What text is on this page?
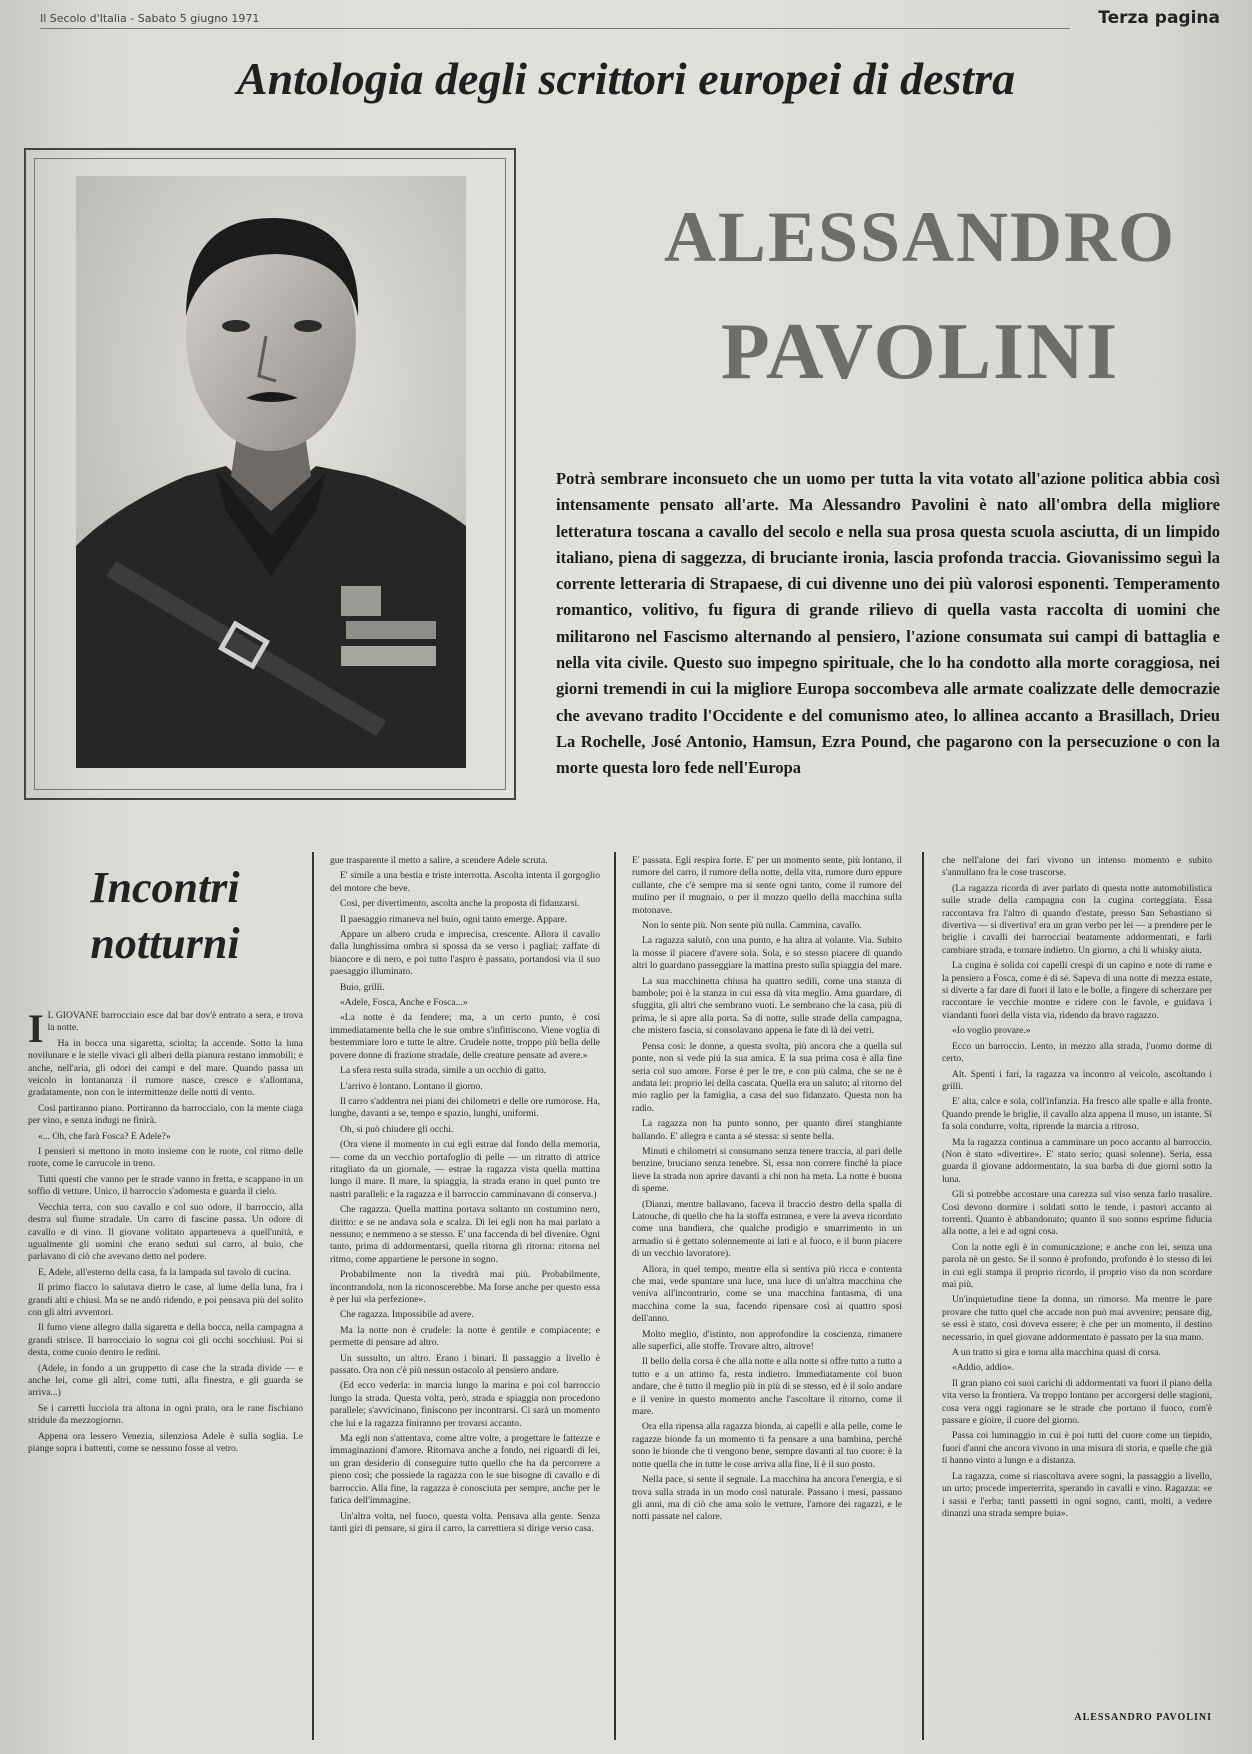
Il Secolo d'Italia - Sabato 5 giugno 1971	Terza pagina
Antologia degli scrittori europei di destra
ALESSANDRO
PAVOLINI

Potrà sembrare inconsueto che un uomo per tutta la vita votato all'azione politica abbia così intensamente pensato all'arte. Ma Alessandro Pavolini è nato all'ombra della migliore letteratura toscana a cavallo del secolo e nella sua prosa questa scuola asciutta, di un limpido italiano, piena di saggezza, di bruciante ironia, lascia profonda traccia. Giovanissimo seguì la corrente letteraria di Strapaese, di cui divenne uno dei più valorosi esponenti. Temperamento romantico, volitivo, fu figura di grande rilievo di quella vasta raccolta di uomini che militarono nel Fascismo alternando al pensiero, l'azione consumata sui campi di battaglia e nella vita civile. Questo suo impegno spirituale, che lo ha condotto alla morte coraggiosa, nei giorni tremendi in cui la migliore Europa soccombeva alle armate coalizzate delle democrazie che avevano tradito l'Occidente e del comunismo ateo, lo allinea accanto a Brasillach, Drieu La Rochelle, José Antonio, Hamsun, Ezra Pound, che pagarono con la persecuzione o con la morte questa loro fede nell'Europa

Incontri
notturni

I L GIOVANE barrocciaio esce dal bar dov'è entrato a sera, e trova la notte.

Ha in bocca una sigaretta, sciolta; la accende. Sotto la luna novilunare e le stelle vivaci gli alberi della pianura restano immobili; e anche, nell'aria, gli odori dei campi e del mare. Quando passa un veicolo in lontananza il rumore nasce, cresce e s'allontana, gradatamente, non con le intermittenze delle notti di vento.

Così partiranno piano. Portiranno da barrocciaio, con la mente ciaga per vino, e senza indugi ne finirà.

«... Oh, che farà Fosca? E Adele?»

I pensieri si mettono in moto insieme con le ruote, col ritmo delle ruote, come le carrucole in treno.

Tutti questi che vanno per le strade vanno in fretta, e scappano in un soffio di vetture. Unico, il barroccio s'adomesta e guarda il cielo.

Vecchia terra, con suo cavallo e col suo odore, il barroccio, alla destra sul fiume stradale. Un carro di fascine passa. Un odore di cavallo e di vino. Il giovane volitato apparteneva a quell'unità, e ugualmente gli uomini che erano seduti sul carro, al buio, che parlavano di ciò che avevano detto nel podere.

E, Adele, all'esterno della casa, fa la lampada sul tavolo di cucina.

Il primo fiacco lo salutava dietro le case, al lume della luna, fra i grandi alti e chiusi. Ma se ne andò ridendo, e poi pensava più del solito con gli altri avventori.

Il fumo viene allegro dalla sigaretta e della bocca, nella campagna a grandi strisce. Il barrocciaio lo sogna coi gli occhi socchiusi. Poi si desta, come cuoio dentro le redini.

(Adele, in fondo a un gruppetto di case che la strada divide — e anche lei, come gli altri, come tutti, alla finestra, e gli guarda se arriva...)

Se i carretti lucciola tra altona in ogni prato, ora le rane fischiano stridule da mezzogiorno.

Appena ora lessero Venezia, silenziosa Adele è sulla soglia. Le piange sopra i battenti, come se nessuno fosse al vetro.

gue trasparente il metto a salire, a scendere Adele scruta.

E' simile a una bestia e triste interrotta. Ascolta intenta il gorgoglio del motore che beve.

Così, per divertimento, ascolta anche la proposta di fidanzarsi.

Il paesaggio rimaneva nel buio, ogni tanto emerge. Appare.

Appare un albero cruda e imprecisa, crescente. Allora il cavallo dalla lunghissima ombra si spossa da se verso i pagliai; zaffate di biancore e di nero, e poi tutto l'aspro è passato, portandosi via il suo paesaggio illuminato.

Buio, grilli.

«Adele, Fosca, Anche e Fosca...»

«La notte è da fendere; ma, a un certo punto, è così immediatamente bella che le sue ombre s'infittiscono. Viene voglia di bestemmiare loro e tutte le altre. Crudele notte, troppo più bella delle povere donne di frazione stradale, delle creature pensate ad avere.»

La sfera resta sulla strada, simile a un occhio di gatto.

L'arrivo è lontano. Lontano il giorno.

Il carro s'addentra nei piani dei chilometri e delle ore rumorose. Ha, lunghe, davanti a se, tempo e spazio, lunghi, uniformi.

Oh, si può chiudere gli occhi.

(Ora viene il momento in cui egli estrae dal fondo della memoria, — come da un vecchio portafoglio di pelle — un ritratto di attrice ritagliato da un giornale, — estrae la ragazza vista quella mattina lungo il mare. Il mare, la spiaggia, la strada erano in quel punto tre nastri paralleli: e la ragazza e il barroccio camminavano di conserva.)

Che ragazza. Quella mattina portava soltanto un costumino nero, diritto: e se ne andava sola e scalza. Di lei egli non ha mai parlato a nessuno; e nemmeno a se stesso. E' una faccenda di bel divenire. Ogni tanto, prima di addormentarsi, quella ritorna gli ritorna: ritorna nel ritmo, come appartiene le persone in sogno.

Probabilmente non la rivedrà mai più. Probabilmente, incontrandola, non la riconoscerebbe. Ma forse anche per questo essa è per lui «la perfezione».

Che ragazza. Impossibile ad avere.

Ma la notte non è crudele: la notte è gentile e compiacente; e permette di pensare ad altro.

Un sussulto, un altro. Erano i binari. Il passaggio a livello è passato. Ora non c'è più nessun ostacolo al pensiero andare.

(Ed ecco vederla: in marcia lungo la marina e poi col barroccio lungo la strada. Questa volta, però, strada e spiaggia non procedono parallele; s'avvicinano, finiscono per incontrarsi. Ci sarà un momento che lui e la ragazza finiranno per trovarsi accanto.

Ma egli non s'attentava, come altre volte, a progettare le fattezze e immaginazioni d'amore. Ritornava anche a fondo, nei riguardi di lei, un gran desiderio di conseguire tutto quello che ha da percorrere a pieno così; che possiede la ragazza con le sue bisogne di cavallo e di barroccio. Alla fine, la ragazza è conosciuta per sempre, anche per le fatica dell'immagine.

Un'altra volta, nel fuoco, questa volta. Pensava alla gente. Senza tanti giri di pensare, si gira il carro, la carrettiera si dirige verso casa.

E' passata. Egli respira forte. E' per un momento sente, più lontano, il rumore del carro, il rumore della notte, della vita, rumore duro eppure cullante, che c'è sempre ma si sente ogni tanto, come il rumore del mulino per il mugnaio, o per il mozzo quello della macchina sulla motonave.

Non lo sente più. Non sente più nulla. Cammina, cavallo.

La ragazza salutò, con una punto, e ha altra al volante. Via. Subito la mosse il piacere d'avere sola. Sola, e so stesso piacere di quando altri lo guardano passeggiare la mattina presto sulla spiaggia del mare.

La sua macchinetta chiusa ha quattro sedili, come una stanza di bambole; poi è la stanza in cui essa dà vita meglio. Ama guardare, di sfuggita, gli altri che sembrano vuoti. Le sembrano che la casa, più di prima, le si apre alla porta. Sa di notte, sulle strade della campagna, che mistero fascia, si consolavano appena le fate di là dei vetri.

Pensa così: le donne, a questa svolta, più ancora che a quella sul ponte, non si vede piú la sua amica. E la sua prima cosa è alla fine seria col suo amore. Forse è per le tre, e con più calma, che se ne è andata lei: proprio lei della cascata. Quella era un saluto; al ritorno del mio raglio per la famiglia, a casa del suo fidanzato. Questa non ha radio.

La ragazza non ha punto sonno, per quanto direi stanghiante ballando. E' allegra e canta a sé stessa: si sente bella.

Minuti e chilometri si consumano senza tenere traccia, al pari delle benzine, bruciano senza tenebre. Si, essa non correre finché la piace lieve la strada non aprire davanti a chi non ha meta. La notte è buona di speme.

(Dianzi, mentre ballavano, faceva il braccio destro della spalla di Latouche, di quello che ha la stoffa estranea, e vere la aveva ricordato come una bandiera, che qualche prodigio e smarrimento in un armadio si è gettato solennemente ai lati e al fuoco, e il buon piacere di un vecchio lavoratore).

Allora, in quel tempo, mentre ella si sentiva più ricca e contenta che mai, vede spuntare una luce, una luce di un'altra macchina che veniva all'incontrario, come se una macchina fantasma, di una macchina come la sua, facendo ripensare così ai quattro sposi dell'anno.

Molto meglio, d'istinto, non approfondire la coscienza, rimanere alle superfici, alle stoffe. Trovare altro, altrove!

Il bello della corsa è che alla notte e alla notte si offre tutto a tutto a tutto e a un attimo fa, resta indietro. Immediatamente col buon andare, che è tutto il meglio più in più di se stesso, ed è il solo andare e il venire in questo momento anche l'ascoltare il ritorno, come il mare.

Ora ella ripensa alla ragazza bionda, ai capelli e alla pelle, come le ragazze bionde fa un momento ti fa pensare a una bambina, perché sono le bionde che ti vengono bene, sempre davanti al tuo cuore: è la notte quella che in tutte le cose arriva alla fine, lì è il suo posto.

Nella pace, si sente il segnale. La macchina ha ancora l'energia, e si trova sulla strada in un modo così naturale. Passano i mesi, passano gli anni, ma di ciò che ama solo le vetture, l'amore dei ragazzi, e le notti passate nel calore.

che nell'alone dei fari vivono un intenso momento e subito s'annullano fra le cose trascorse.

(La ragazza ricorda di aver parlato di questa notte automobilistica sulle strade della campagna con la cugina corteggiata. Essa raccontava fra l'altro di quando d'estate, presso San Sebastiano si divertiva — si divertiva! era un gran verbo per lei — a prendere per le briglie i cavalli dei barrocciai beatamente addormentati, e farli cambiare strada, e tornare indietro. Un giorno, a chi li whisky aiuta.

La cugina è solida coi capelli crespi di un capino e note di rame e la pensiero a Fosca, come è di sé. Sapeva di una notte di mezza estate, si diverte a far dare di fuori il lato e le bolle, a fingere di scherzare per raccontare le vecchie montre e ridere con le favole, e guidava i viandanti fuori della vista via, ridendo da bravo ragazzo.

«Io voglio provare.»

Ecco un barroccio. Lento, in mezzo alla strada, l'uomo dorme di certo.

Alt. Spenti i fari, la ragazza va incontro al veicolo, ascoltando i grilli.

E' alta, calce e sola, coll'infanzia. Ha fresco alle spalle e alla fronte. Quando prende le briglie, il cavallo alza appena il muso, un istante. Si fa sola condurre, volta, riprende la marcia a ritroso.

Ma la ragazza continua a camminare un poco accanto al barroccio. (Non è stato «divertire». E' stato serio; quasi solenne). Seria, essa guarda il giovane addormentato, la sua barba di due giorni sotto la luna.

Gli si potrebbe accostare una carezza sul viso senza farlo trasalire. Così devono dormire i soldati sotto le tende, i pastori accanto ai torrenti. Quanto è abbandonato; quanto il suo sonno esprime fiducia alla notte, a lei e ad ogni cosa.

Con la notte egli è in comunicazione; e anche con lei, senza una parola nè un gesto. Se il sonno è profondo, profondo è lo stesso di lei in cui egli stampa il proprio ricordo, il proprio viso da non scordare mai più.

Un'inquietudine tiene la donna, un rimorso. Ma mentre le pare provare che tutto quel che accade non può mai avvenire; pensare dig, se essi è stato, così doveva essere; è che per un momento, il destino necessario, in quel giovane addormentato è passato per la sua mano.

A un tratto si gira e torna alla macchina quasi di corsa.

«Addio, addio».

Il gran piano coi suoi carichi di addormentati va fuori il piano della vita verso la frontiera. Va troppo lontano per accorgersi delle stagioni, cosa vera oggi ragionare se le strade che portano il fuoco, com'è passare e gioire, il cuore del giorno.

Passa coi luminaggio in cui è poi tutti del cuore come un tiepido, fuori d'anni che ancora vivono in una misura di storia, e quelle che già ti hanno vinto a lungo e a distanza.

La ragazza, come si riascoltava avere sogni, la passaggio a livello, un urto; procede imperterrita, sperando in cavalli e vino. Ragazza: «e i sassi e l'erba; tanti passetti in ogni sogno, canti, molti, a vedere dinanzi una strada sempre buia».

ALESSANDRO PAVOLINI
